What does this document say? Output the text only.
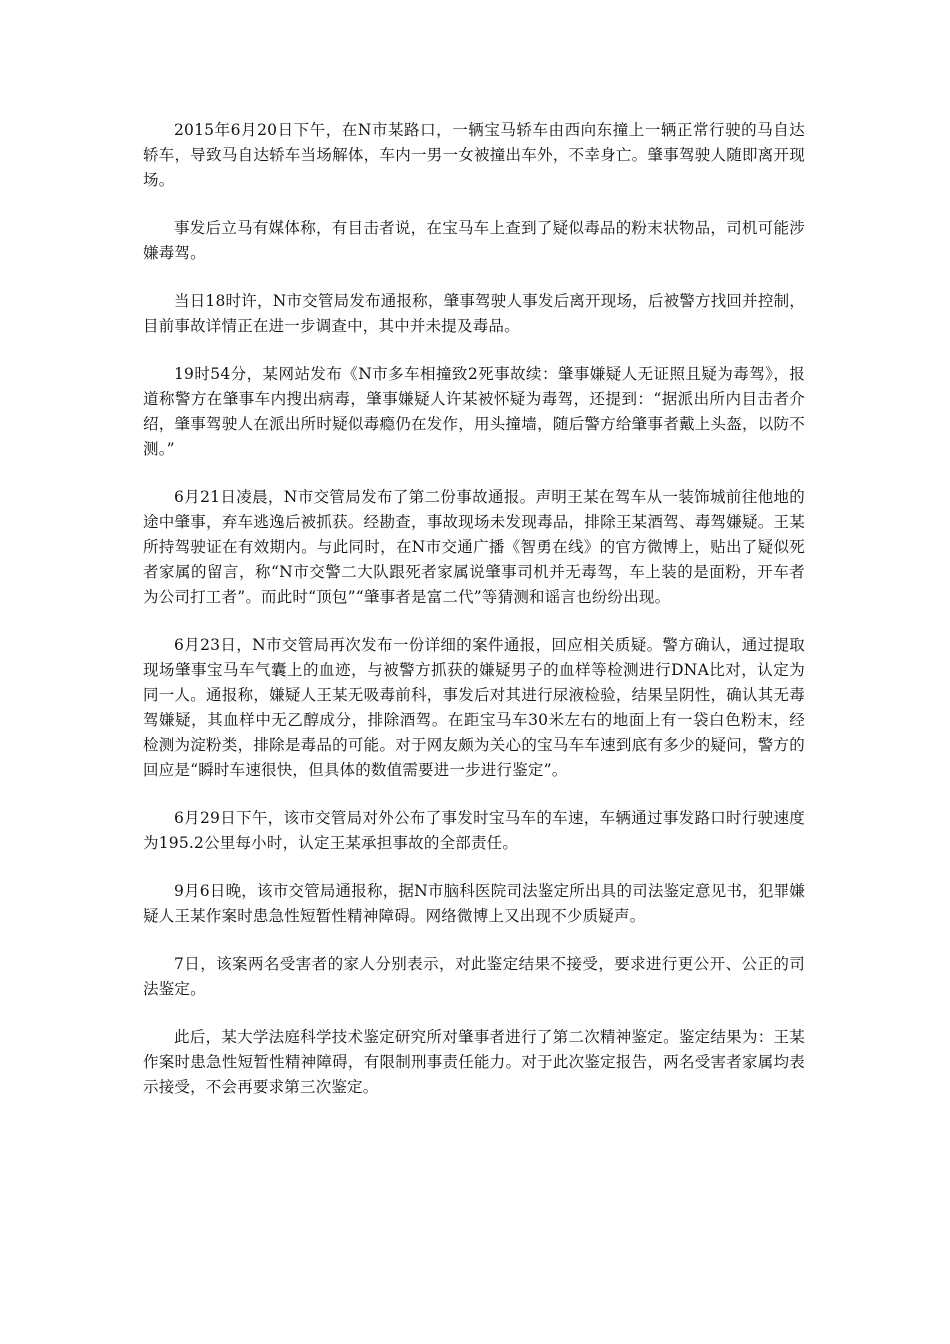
2015年6月20日下午，在N市某路口，一辆宝马轿车由西向东撞上一辆正常行驶的马自达轿车，导致马自达轿车当场解体，车内一男一女被撞出车外，不幸身亡。肇事驾驶人随即离开现场。

事发后立马有媒体称，有目击者说，在宝马车上查到了疑似毒品的粉末状物品，司机可能涉嫌毒驾。

当日18时许，N市交管局发布通报称，肇事驾驶人事发后离开现场，后被警方找回并控制，目前事故详情正在进一步调查中，其中并未提及毒品。

19时54分，某网站发布《N市多车相撞致2死事故续：肇事嫌疑人无证照且疑为毒驾》，报道称警方在肇事车内搜出病毒，肇事嫌疑人许某被怀疑为毒驾，还提到：“据派出所内目击者介绍，肇事驾驶人在派出所时疑似毒瘾仍在发作，用头撞墙，随后警方给肇事者戴上头盔，以防不测。”

6月21日凌晨，N市交管局发布了第二份事故通报。声明王某在驾车从一装饰城前往他地的途中肇事，弃车逃逸后被抓获。经勘查，事故现场未发现毒品，排除王某酒驾、毒驾嫌疑。王某所持驾驶证在有效期内。与此同时，在N市交通广播《智勇在线》的官方微博上，贴出了疑似死者家属的留言，称“N市交警二大队跟死者家属说肇事司机并无毒驾，车上装的是面粉，开车者为公司打工者”。而此时“顶包”“肇事者是富二代”等猜测和谣言也纷纷出现。

6月23日，N市交管局再次发布一份详细的案件通报，回应相关质疑。警方确认，通过提取现场肇事宝马车气囊上的血迹，与被警方抓获的嫌疑男子的血样等检测进行DNA比对，认定为同一人。通报称，嫌疑人王某无吸毒前科，事发后对其进行尿液检验，结果呈阴性，确认其无毒驾嫌疑，其血样中无乙醇成分，排除酒驾。在距宝马车30米左右的地面上有一袋白色粉末，经检测为淀粉类，排除是毒品的可能。对于网友颇为关心的宝马车车速到底有多少的疑问，警方的回应是“瞬时车速很快，但具体的数值需要进一步进行鉴定”。

6月29日下午，该市交管局对外公布了事发时宝马车的车速，车辆通过事发路口时行驶速度为195.2公里每小时，认定王某承担事故的全部责任。

9月6日晚，该市交管局通报称，据N市脑科医院司法鉴定所出具的司法鉴定意见书，犯罪嫌疑人王某作案时患急性短暂性精神障碍。网络微博上又出现不少质疑声。

7日，该案两名受害者的家人分别表示，对此鉴定结果不接受，要求进行更公开、公正的司法鉴定。

此后，某大学法庭科学技术鉴定研究所对肇事者进行了第二次精神鉴定。鉴定结果为：王某作案时患急性短暂性精神障碍，有限制刑事责任能力。对于此次鉴定报告，两名受害者家属均表示接受，不会再要求第三次鉴定。
